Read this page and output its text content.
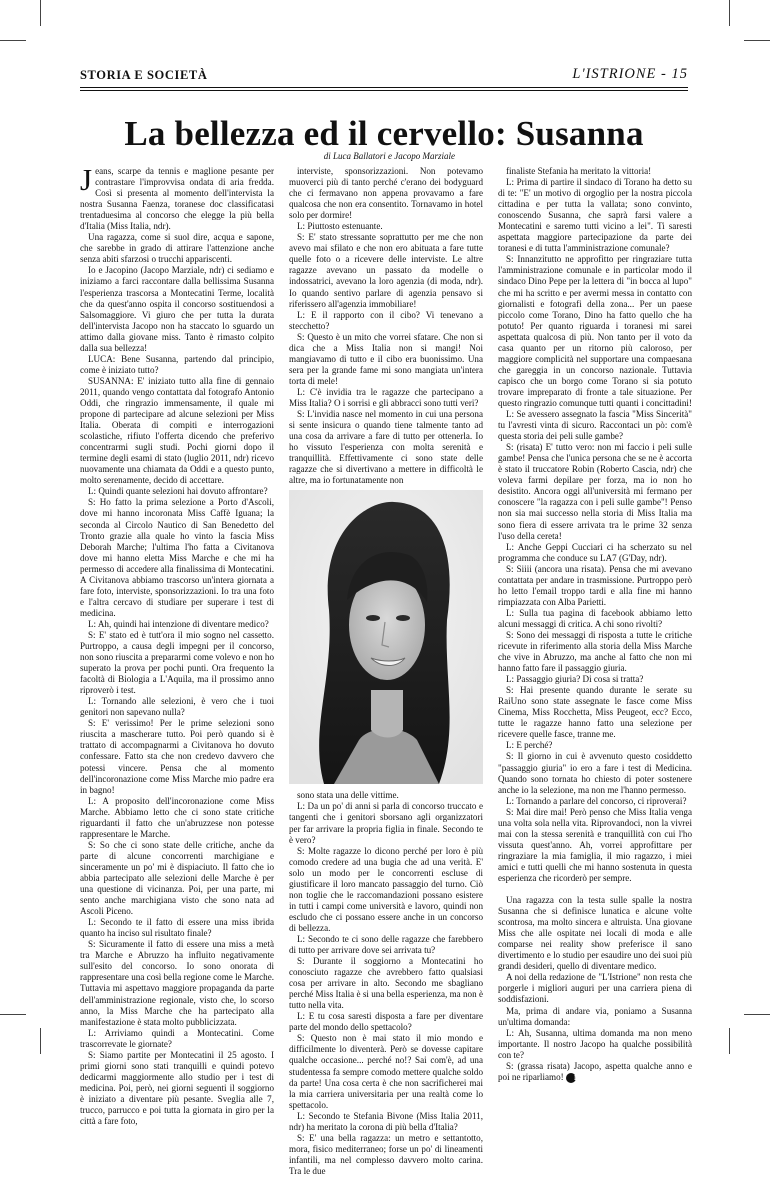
STORIA E SOCIETÀ	L'ISTRIONE - 15
La bellezza ed il cervello: Susanna
di Luca Ballatori e Jacopo Marziale

Jeans, scarpe da tennis e maglione pesante per contrastare l'improvvisa ondata di aria fredda. Così si presenta al momento dell'intervista la nostra Susanna Faenza, toranese doc classificatasi trentaduesima al concorso che elegge la più bella d'Italia (Miss Italia, ndr).

Una ragazza, come si suol dire, acqua e sapone, che sarebbe in grado di attirare l'attenzione anche senza abiti sfarzosi o trucchi appariscenti.

Io e Jacopino (Jacopo Marziale, ndr) ci sediamo e iniziamo a farci raccontare dalla bellissima Susanna l'esperienza trascorsa a Montecatini Terme, località che da quest'anno ospita il concorso sostituendosi a Salsomaggiore. Vi giuro che per tutta la durata dell'intervista Jacopo non ha staccato lo sguardo un attimo dalla giovane miss. Tanto è rimasto colpito dalla sua bellezza!

LUCA: Bene Susanna, partendo dal principio, come è iniziato tutto?

SUSANNA: E' iniziato tutto alla fine di gennaio 2011, quando vengo contattata dal fotografo Antonio Oddi, che ringrazio immensamente, il quale mi propone di partecipare ad alcune selezioni per Miss Italia. Oberata di compiti e interrogazioni scolastiche, rifiuto l'offerta dicendo che preferivo concentrarmi sugli studi. Pochi giorni dopo il termine degli esami di stato (luglio 2011, ndr) ricevo nuovamente una chiamata da Oddi e a questo punto, molto serenamente, decido di accettare.

L: Quindi quante selezioni hai dovuto affrontare?

S: Ho fatto la prima selezione a Porto d'Ascoli, dove mi hanno incoronata Miss Caffè Iguana; la seconda al Circolo Nautico di San Benedetto del Tronto grazie alla quale ho vinto la fascia Miss Deborah Marche; l'ultima l'ho fatta a Civitanova dove mi hanno eletta Miss Marche e che mi ha permesso di accedere alla finalissima di Montecatini. A Civitanova abbiamo trascorso un'intera giornata a fare foto, interviste, sponsorizzazioni. Io tra una foto e l'altra cercavo di studiare per superare i test di medicina.

L: Ah, quindi hai intenzione di diventare medico?

S: E' stato ed è tutt'ora il mio sogno nel cassetto. Purtroppo, a causa degli impegni per il concorso, non sono riuscita a prepararmi come volevo e non ho superato la prova per pochi punti. Ora frequento la facoltà di Biologia a L'Aquila, ma il prossimo anno riproverò i test.

L: Tornando alle selezioni, è vero che i tuoi genitori non sapevano nulla?

S: E' verissimo! Per le prime selezioni sono riuscita a mascherare tutto. Poi però quando si è trattato di accompagnarmi a Civitanova ho dovuto confessare. Fatto sta che non credevo davvero che potessi vincere. Pensa che al momento dell'incoronazione come Miss Marche mio padre era in bagno!

L: A proposito dell'incoronazione come Miss Marche. Abbiamo letto che ci sono state critiche riguardanti il fatto che un'abruzzese non potesse rappresentare le Marche.

S: So che ci sono state delle critiche, anche da parte di alcune concorrenti marchigiane e sinceramente un po' mi è dispiaciuto. Il fatto che io abbia partecipato alle selezioni delle Marche è per una questione di vicinanza. Poi, per una parte, mi sento anche marchigiana visto che sono nata ad Ascoli Piceno.

L: Secondo te il fatto di essere una miss ibrida quanto ha inciso sul risultato finale?

S: Sicuramente il fatto di essere una miss a metà tra Marche e Abruzzo ha influito negativamente sull'esito del concorso. Io sono onorata di rappresentare una così bella regione come le Marche. Tuttavia mi aspettavo maggiore propaganda da parte dell'amministrazione regionale, visto che, lo scorso anno, la Miss Marche che ha partecipato alla manifestazione è stata molto pubblicizzata.

L: Arriviamo quindi a Montecatini. Come trascorrevate le giornate?

S: Siamo partite per Montecatini il 25 agosto. I primi giorni sono stati tranquilli e quindi potevo dedicarmi maggiormente allo studio per i test di medicina. Poi, però, nei giorni seguenti il soggiorno è iniziato a diventare più pesante. Sveglia alle 7, trucco, parrucco e poi tutta la giornata in giro per la città a fare foto,

interviste, sponsorizzazioni. Non potevamo muoverci più di tanto perché c'erano dei bodyguard che ci fermavano non appena provavamo a fare qualcosa che non era consentito. Tornavamo in hotel solo per dormire!

L: Piuttosto estenuante.

S: E' stato stressante soprattutto per me che non avevo mai sfilato e che non ero abituata a fare tutte quelle foto o a ricevere delle interviste. Le altre ragazze avevano un passato da modelle o indossatrici, avevano la loro agenzia (di moda, ndr). Io quando sentivo parlare di agenzia pensavo si riferissero all'agenzia immobiliare!

L: E il rapporto con il cibo? Vi tenevano a stecchetto?

S: Questo è un mito che vorrei sfatare. Che non si dica che a Miss Italia non si mangi! Noi mangiavamo di tutto e il cibo era buonissimo. Una sera per la grande fame mi sono mangiata un'intera torta di mele!

L: C'è invidia tra le ragazze che partecipano a Miss Italia? O i sorrisi e gli abbracci sono tutti veri?

S: L'invidia nasce nel momento in cui una persona si sente insicura o quando tiene talmente tanto ad una cosa da arrivare a fare di tutto per ottenerla. Io ho vissuto l'esperienza con molta serenità e tranquillità. Effettivamente ci sono state delle ragazze che si divertivano a mettere in difficoltà le altre, ma io fortunatamente non

sono stata una delle vittime.

L: Da un po' di anni si parla di concorso truccato e tangenti che i genitori sborsano agli organizzatori per far arrivare la propria figlia in finale. Secondo te è vero?

S: Molte ragazze lo dicono perché per loro è più comodo credere ad una bugia che ad una verità. E' solo un modo per le concorrenti escluse di giustificare il loro mancato passaggio del turno. Ciò non toglie che le raccomandazioni possano esistere in tutti i campi come università e lavoro, quindi non escludo che ci possano essere anche in un concorso di bellezza.

L: Secondo te ci sono delle ragazze che farebbero di tutto per arrivare dove sei arrivata tu?

S: Durante il soggiorno a Montecatini ho conosciuto ragazze che avrebbero fatto qualsiasi cosa per arrivare in alto. Secondo me sbagliano perché Miss Italia è si una bella esperienza, ma non è tutto nella vita.

L: E tu cosa saresti disposta a fare per diventare parte del mondo dello spettacolo?

S: Questo non è mai stato il mio mondo e difficilmente lo diventerà. Però se dovesse capitare qualche occasione... perché no!? Sai com'è, ad una studentessa fa sempre comodo mettere qualche soldo da parte! Una cosa certa è che non sacrificherei mai la mia carriera universitaria per una realtà come lo spettacolo.

L: Secondo te Stefania Bivone (Miss Italia 2011, ndr) ha meritato la corona di più bella d'Italia?

S: E' una bella ragazza: un metro e settantotto, mora, fisico mediterraneo; forse un po' di lineamenti infantili, ma nel complesso davvero molto carina. Tra le due

finaliste Stefania ha meritato la vittoria!

L: Prima di partire il sindaco di Torano ha detto su di te: "E' un motivo di orgoglio per la nostra piccola cittadina e per tutta la vallata; sono convinto, conoscendo Susanna, che saprà farsi valere a Montecatini e saremo tutti vicino a lei". Ti saresti aspettata maggiore partecipazione da parte dei toranesi e di tutta l'amministrazione comunale?

S: Innanzitutto ne approfitto per ringraziare tutta l'amministrazione comunale e in particolar modo il sindaco Dino Pepe per la lettera di "in bocca al lupo" che mi ha scritto e per avermi messa in contatto con giornalisti e fotografi della zona... Per un paese piccolo come Torano, Dino ha fatto quello che ha potuto! Per quanto riguarda i toranesi mi sarei aspettata qualcosa di più. Non tanto per il voto da casa quanto per un ritorno più caloroso, per maggiore complicità nel supportare una compaesana che gareggia in un concorso nazionale. Tuttavia capisco che un borgo come Torano si sia potuto trovare impreparato di fronte a tale situazione. Per questo ringrazio comunque tutti quanti i concittadini!

L: Se avessero assegnato la fascia "Miss Sincerità" tu l'avresti vinta di sicuro. Raccontaci un pò: com'è questa storia dei peli sulle gambe?

S: (risata) E' tutto vero: non mi faccio i peli sulle gambe! Pensa che l'unica persona che se ne è accorta è stato il truccatore Robin (Roberto Cascia, ndr) che voleva farmi depilare per forza, ma io non ho desistito. Ancora oggi all'università mi fermano per conoscere "la ragazza con i peli sulle gambe"! Penso non sia mai successo nella storia di Miss Italia ma sono fiera di essere arrivata tra le prime 32 senza l'uso della cereta!

L: Anche Geppi Cucciari ci ha scherzato su nel programma che conduce su LA7 (G'Day, ndr).

S: Siiii (ancora una risata). Pensa che mi avevano contattata per andare in trasmissione. Purtroppo però ho letto l'email troppo tardi e alla fine mi hanno rimpiazzata con Alba Parietti.

L: Sulla tua pagina di facebook abbiamo letto alcuni messaggi di critica. A chi sono rivolti?

S: Sono dei messaggi di risposta a tutte le critiche ricevute in riferimento alla storia della Miss Marche che vive in Abruzzo, ma anche al fatto che non mi hanno fatto fare il passaggio giuria.

L: Passaggio giuria? Di cosa si tratta?

S: Hai presente quando durante le serate su RaiUno sono state assegnate le fasce come Miss Cinema, Miss Rocchetta, Miss Peugeot, ecc? Ecco, tutte le ragazze hanno fatto una selezione per ricevere quelle fasce, tranne me.

L: E perché?

S: Il giorno in cui è avvenuto questo cosiddetto "passaggio giuria" io ero a fare i test di Medicina. Quando sono tornata ho chiesto di poter sostenere anche io la selezione, ma non me l'hanno permesso.

L: Tornando a parlare del concorso, ci riproverai?

S: Mai dire mai! Però penso che Miss Italia venga una volta sola nella vita. Riprovandoci, non la vivrei mai con la stessa serenità e tranquillità con cui l'ho vissuta quest'anno. Ah, vorrei approfittare per ringraziare la mia famiglia, il mio ragazzo, i miei amici e tutti quelli che mi hanno sostenuta in questa esperienza che ricorderò per sempre.

Una ragazza con la testa sulle spalle la nostra Susanna che si definisce lunatica e alcune volte scontrosa, ma molto sincera e altruista. Una giovane Miss che alle ospitate nei locali di moda e alle comparse nei reality show preferisce il sano divertimento e lo studio per esaudire uno dei suoi più grandi desideri, quello di diventare medico.

A noi della redazione de "L'Istrione" non resta che porgerle i migliori auguri per una carriera piena di soddisfazioni.

Ma, prima di andare via, poniamo a Susanna un'ultima domanda:

L: Ah, Susanna, ultima domanda ma non meno importante. Il nostro Jacopo ha qualche possibilità con te?

S: (grassa risata) Jacopo, aspetta qualche anno e poi ne riparliamo! L
